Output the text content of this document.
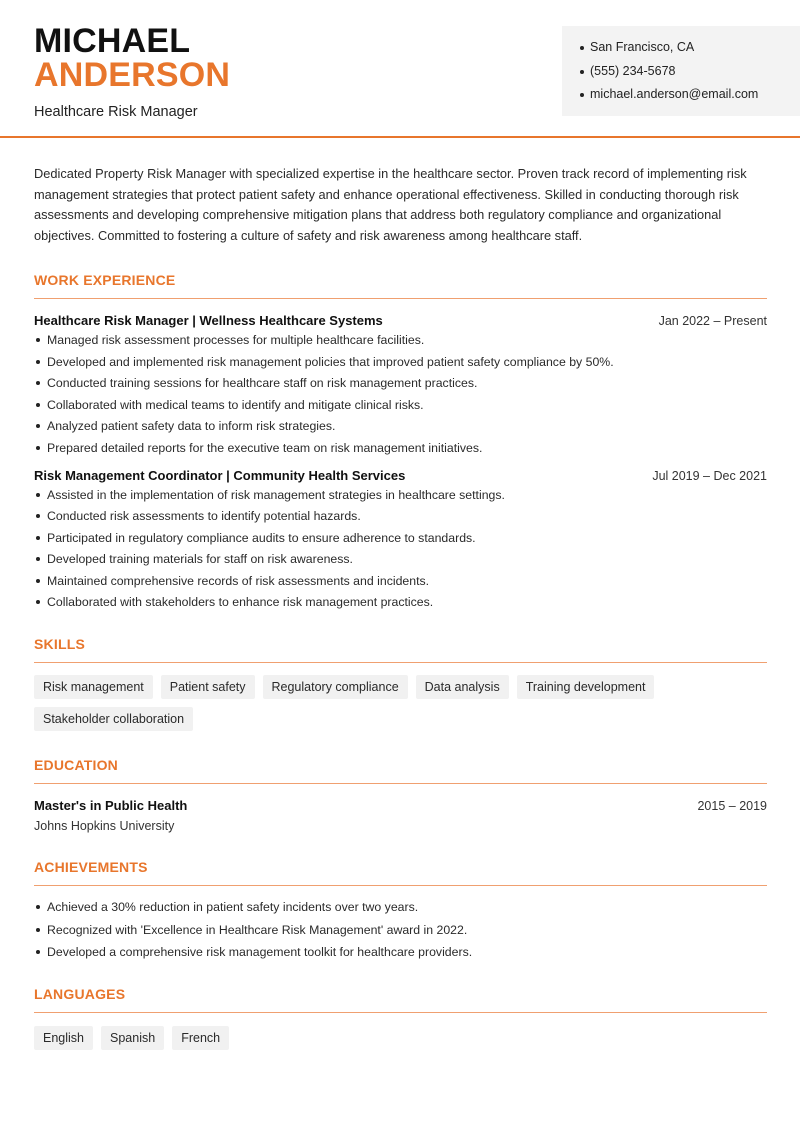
MICHAEL
ANDERSON
Healthcare Risk Manager
San Francisco, CA
(555) 234-5678
michael.anderson@email.com

Dedicated Property Risk Manager with specialized expertise in the healthcare sector. Proven track record of implementing risk management strategies that protect patient safety and enhance operational effectiveness. Skilled in conducting thorough risk assessments and developing comprehensive mitigation plans that address both regulatory compliance and organizational objectives. Committed to fostering a culture of safety and risk awareness among healthcare staff.

WORK EXPERIENCE
Healthcare Risk Manager | Wellness Healthcare Systems	Jan 2022 – Present
Managed risk assessment processes for multiple healthcare facilities.
Developed and implemented risk management policies that improved patient safety compliance by 50%.
Conducted training sessions for healthcare staff on risk management practices.
Collaborated with medical teams to identify and mitigate clinical risks.
Analyzed patient safety data to inform risk strategies.
Prepared detailed reports for the executive team on risk management initiatives.
Risk Management Coordinator | Community Health Services	Jul 2019 – Dec 2021
Assisted in the implementation of risk management strategies in healthcare settings.
Conducted risk assessments to identify potential hazards.
Participated in regulatory compliance audits to ensure adherence to standards.
Developed training materials for staff on risk awareness.
Maintained comprehensive records of risk assessments and incidents.
Collaborated with stakeholders to enhance risk management practices.
SKILLS
Risk management	Patient safety	Regulatory compliance	Data analysis	Training development
Stakeholder collaboration
EDUCATION
Master's in Public Health	2015 – 2019
Johns Hopkins University
ACHIEVEMENTS
Achieved a 30% reduction in patient safety incidents over two years.
Recognized with 'Excellence in Healthcare Risk Management' award in 2022.
Developed a comprehensive risk management toolkit for healthcare providers.
LANGUAGES
English	Spanish	French
